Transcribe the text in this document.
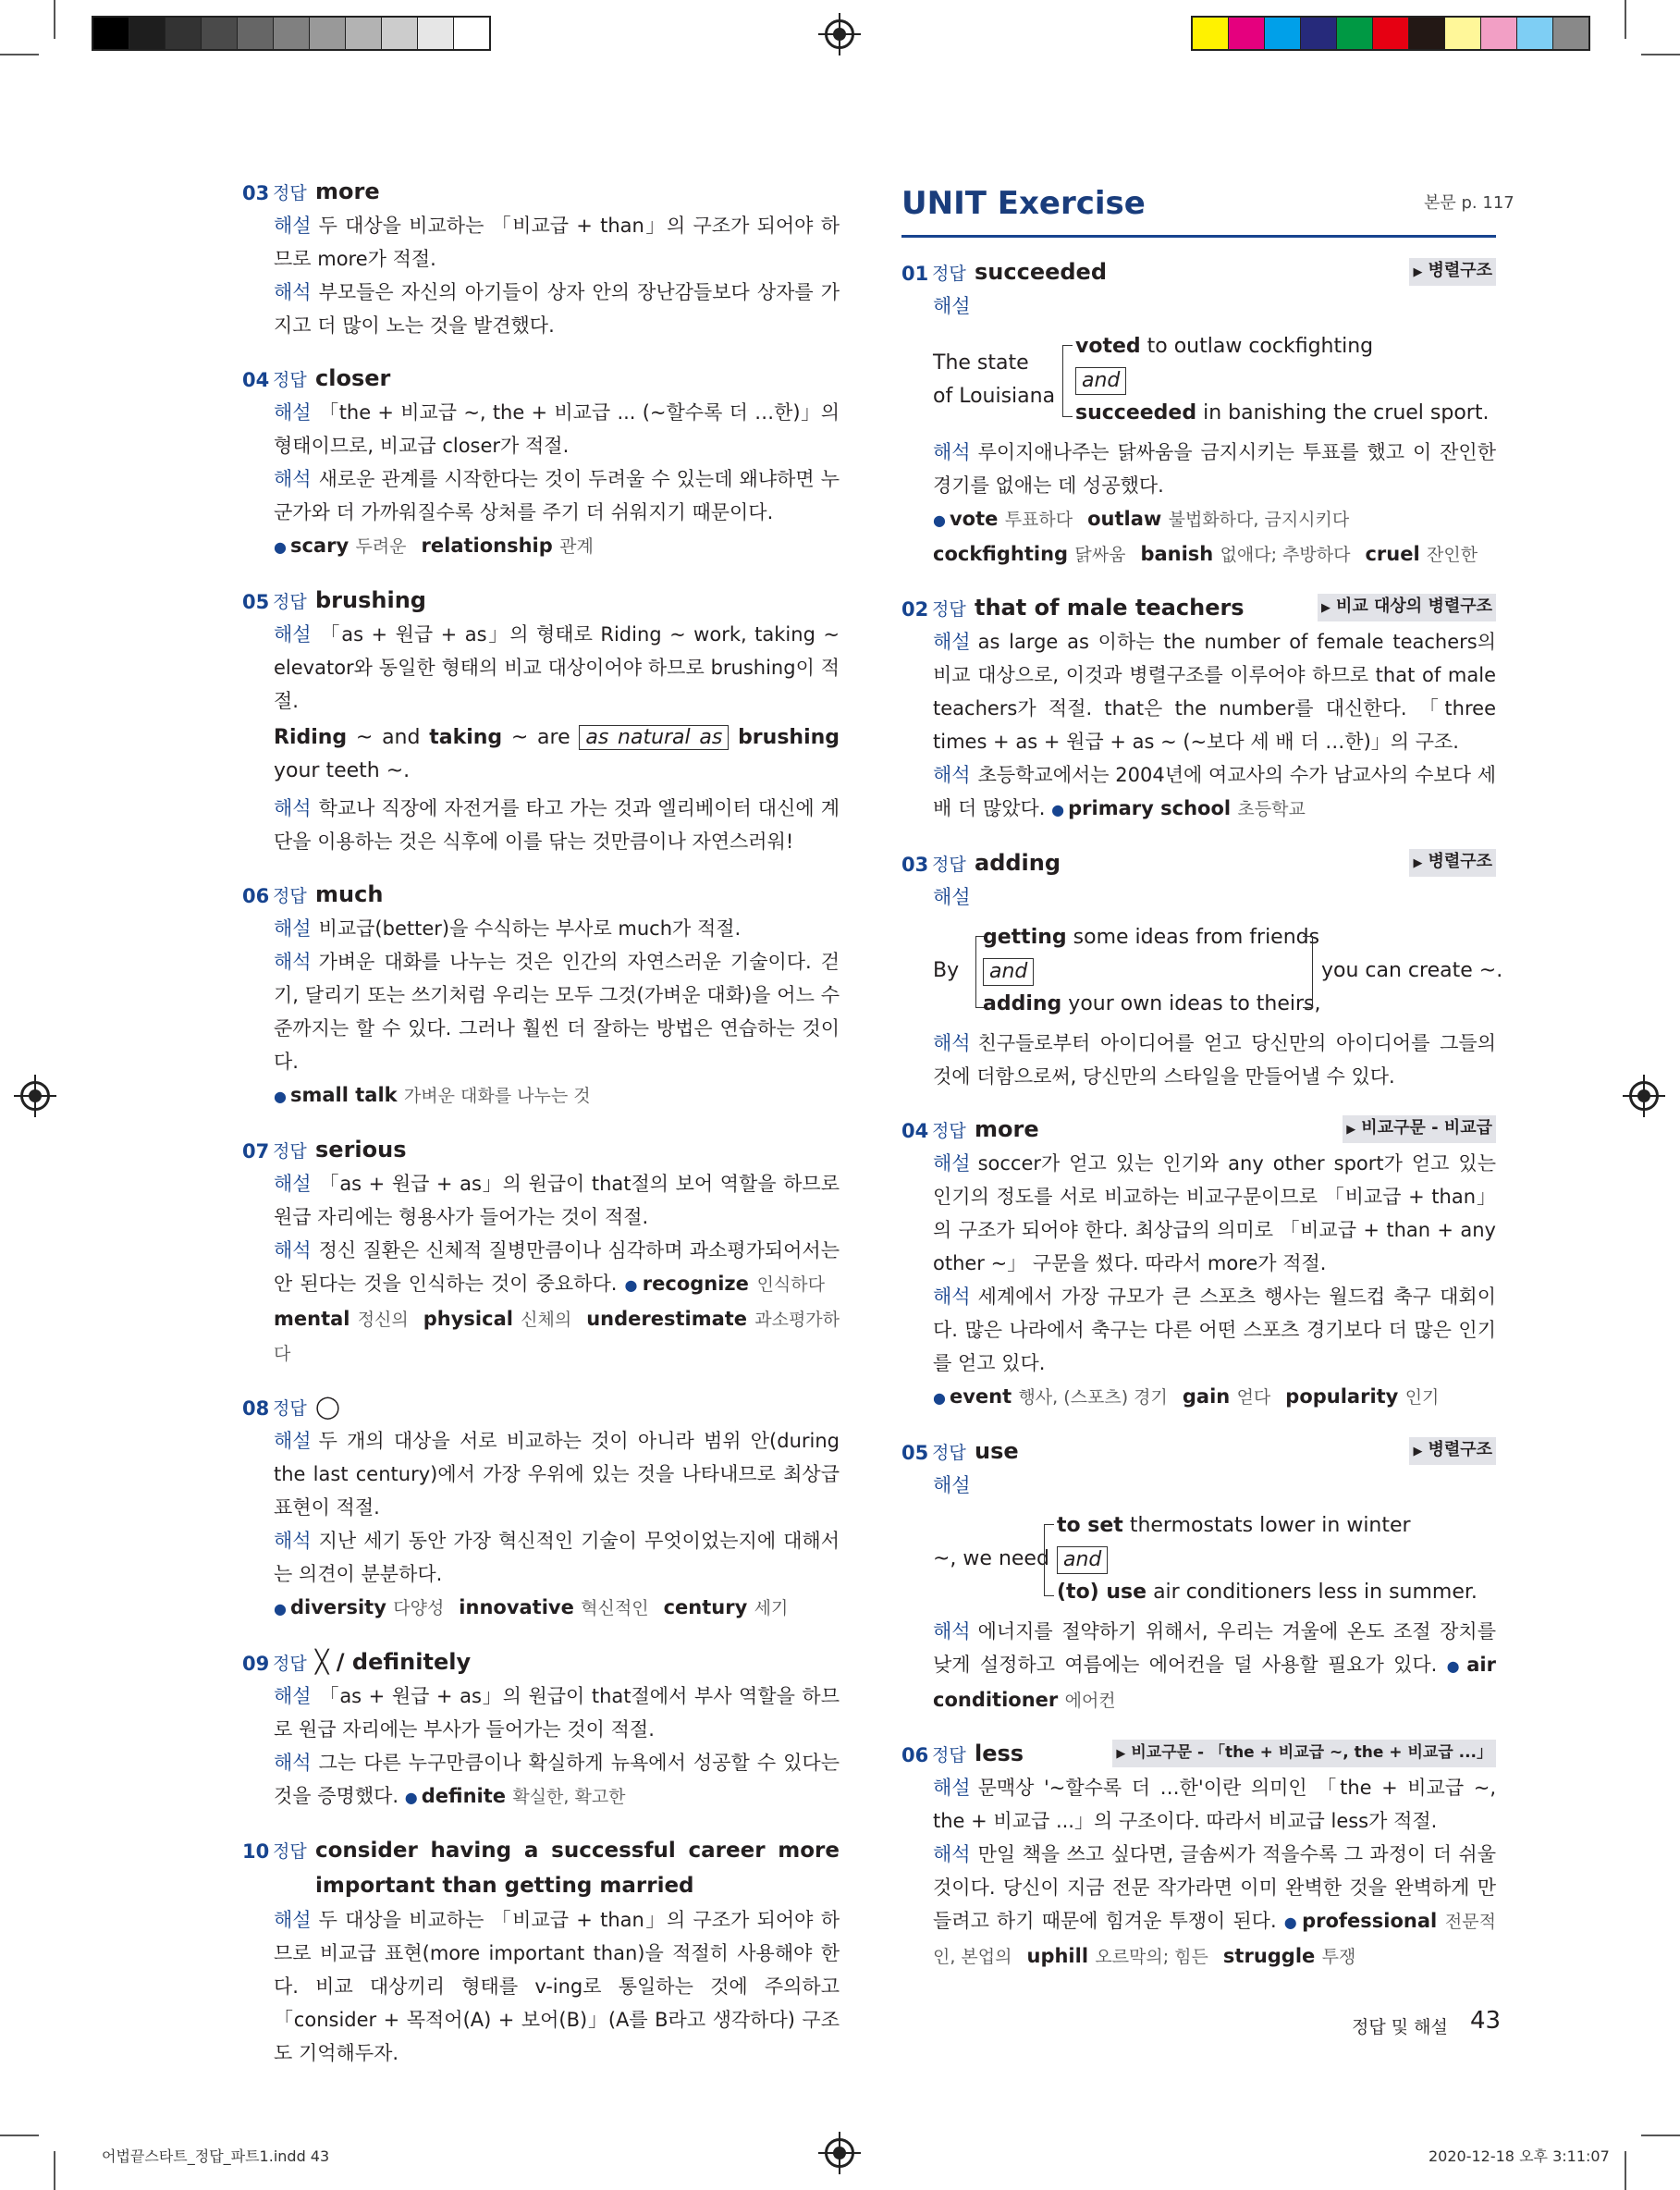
03 정답 more
해설 두 대상을 비교하는 「비교급 + than」의 구조가 되어야 하므로 more가 적절.
해석 부모들은 자신의 아기들이 상자 안의 장난감들보다 상자를 가지고 더 많이 노는 것을 발견했다.
04 정답 closer
해설 「the + 비교급 ~, the + 비교급 ... (~할수록 더 …한)」의 형태이므로, 비교급 closer가 적절.
해석 새로운 관계를 시작한다는 것이 두려울 수 있는데 왜냐하면 누군가와 더 가까워질수록 상처를 주기 더 쉬워지기 때문이다.
● scary 두려운 relationship 관계
05 정답 brushing
해설 「as + 원급 + as」의 형태로 Riding ~ work, taking ~ elevator와 동일한 형태의 비교 대상이어야 하므로 brushing이 적절.
Riding ~ and taking ~ are as natural as brushing your teeth ~.
해석 학교나 직장에 자전거를 타고 가는 것과 엘리베이터 대신에 계단을 이용하는 것은 식후에 이를 닦는 것만큼이나 자연스러워!
06 정답 much
해설 비교급(better)을 수식하는 부사로 much가 적절.
해석 가벼운 대화를 나누는 것은 인간의 자연스러운 기술이다. 걷기, 달리기 또는 쓰기처럼 우리는 모두 그것(가벼운 대화)을 어느 수준까지는 할 수 있다. 그러나 훨씬 더 잘하는 방법은 연습하는 것이다.
● small talk 가벼운 대화를 나누는 것
07 정답 serious
해설 「as + 원급 + as」의 원급이 that절의 보어 역할을 하므로 원급 자리에는 형용사가 들어가는 것이 적절.
해석 정신 질환은 신체적 질병만큼이나 심각하며 과소평가되어서는 안 된다는 것을 인식하는 것이 중요하다. ● recognize 인식하다mental 정신의 physical 신체의 underestimate 과소평가하다
08 정답 ◯
해설 두 개의 대상을 서로 비교하는 것이 아니라 범위 안(during the last century)에서 가장 우위에 있는 것을 나타내므로 최상급 표현이 적절.
해석 지난 세기 동안 가장 혁신적인 기술이 무엇이었는지에 대해서는 의견이 분분하다.
● diversity 다양성 innovative 혁신적인 century 세기
09 정답 ╳ / definitely
해설 「as + 원급 + as」의 원급이 that절에서 부사 역할을 하므로 원급 자리에는 부사가 들어가는 것이 적절.
해석 그는 다른 누구만큼이나 확실하게 뉴욕에서 성공할 수 있다는 것을 증명했다. ● definite 확실한, 확고한
10 정답 consider having a successful career more important than getting married
해설 두 대상을 비교하는 「비교급 + than」의 구조가 되어야 하므로 비교급 표현(more important than)을 적절히 사용해야 한다. 비교 대상끼리 형태를 v-ing로 통일하는 것에 주의하고 「consider + 목적어(A) + 보어(B)」(A를 B라고 생각하다) 구조도 기억해두자.
UNIT Exercise	본문 p. 117
01 정답 succeeded	▶ 병렬구조
해설
The state
of Louisiana
voted to outlaw cockfighting
and
succeeded in banishing the cruel sport.
해석 루이지애나주는 닭싸움을 금지시키는 투표를 했고 이 잔인한 경기를 없애는 데 성공했다.
● vote 투표하다 outlaw 불법화하다, 금지시키다cockfighting 닭싸움 banish 없애다; 추방하다 cruel 잔인한
02 정답 that of male teachers	▶ 비교 대상의 병렬구조
해설 as large as 이하는 the number of female teachers의 비교 대상으로, 이것과 병렬구조를 이루어야 하므로 that of male teachers가 적절. that은 the number를 대신한다. 「three times + as + 원급 + as ~ (~보다 세 배 더 …한)」의 구조.
해석 초등학교에서는 2004년에 여교사의 수가 남교사의 수보다 세 배 더 많았다. ● primary school 초등학교
03 정답 adding	▶ 병렬구조
해설
By
getting some ideas from friends
and
adding your own ideas to theirs,
you can create ~.
해석 친구들로부터 아이디어를 얻고 당신만의 아이디어를 그들의 것에 더함으로써, 당신만의 스타일을 만들어낼 수 있다.
04 정답 more	▶ 비교구문 - 비교급
해설 soccer가 얻고 있는 인기와 any other sport가 얻고 있는 인기의 정도를 서로 비교하는 비교구문이므로 「비교급 + than」의 구조가 되어야 한다. 최상급의 의미로 「비교급 + than + any other ~」 구문을 썼다. 따라서 more가 적절.
해석 세계에서 가장 규모가 큰 스포츠 행사는 월드컵 축구 대회이다. 많은 나라에서 축구는 다른 어떤 스포츠 경기보다 더 많은 인기를 얻고 있다.
● event 행사, (스포츠) 경기 gain 얻다 popularity 인기
05 정답 use	▶ 병렬구조
해설
~, we need
to set thermostats lower in winter
and
(to) use air conditioners less in summer.
해석 에너지를 절약하기 위해서, 우리는 겨울에 온도 조절 장치를 낮게 설정하고 여름에는 에어컨을 덜 사용할 필요가 있다. ● air conditioner 에어컨
06 정답 less	▶ 비교구문 - 「the + 비교급 ~, the + 비교급 ...」
해설 문맥상 '~할수록 더 …한'이란 의미인 「the + 비교급 ~, the + 비교급 ...」의 구조이다. 따라서 비교급 less가 적절.
해석 만일 책을 쓰고 싶다면, 글솜씨가 적을수록 그 과정이 더 쉬울 것이다. 당신이 지금 전문 작가라면 이미 완벽한 것을 완벽하게 만들려고 하기 때문에 힘겨운 투쟁이 된다. ● professional 전문적인, 본업의 uphill 오르막의; 힘든 struggle 투쟁
정답 및 해설 43
어법끝스타트_정답_파트1.indd 43	2020-12-18 오후 3:11:07
